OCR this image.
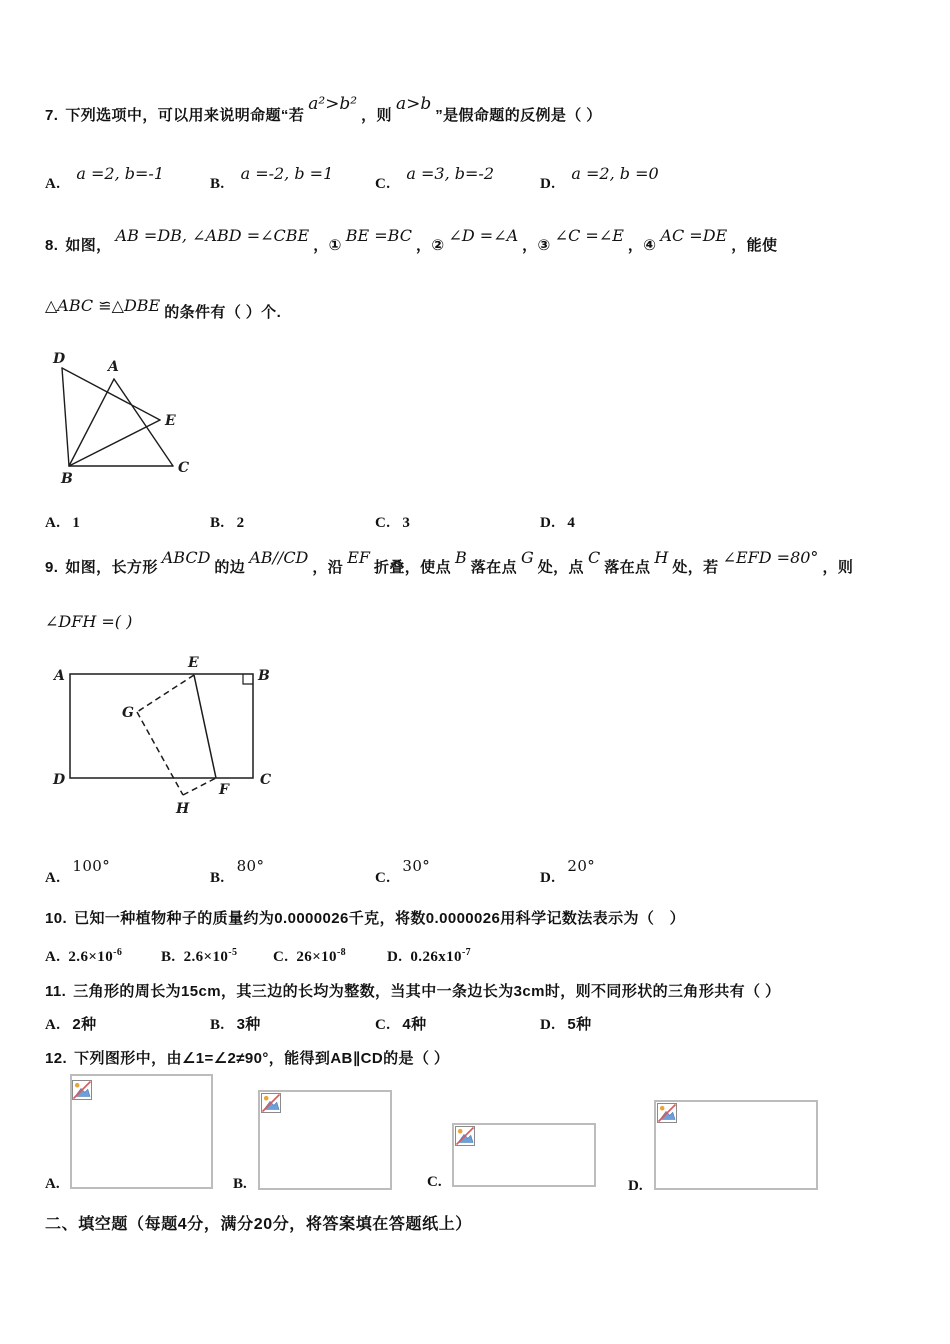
7. 下列选项中，可以用来说明命题“若a²>b²，则a>b”是假命题的反例是（ ）
A.a =2, b=-1
B.a =-2, b =1
C.a =3, b=-2
D.a =2, b =0
8. 如图，AB =DB, ∠ABD =∠CBE，①BE =BC，②∠D =∠A，③∠C =∠E，④AC =DE，能使
△ABC ≌△DBE 的条件有（ ）个.
D	A
E
B
C
A. 1	B. 2	C. 3	D. 4
9. 如图，长方形ABCD的边AB//CD，沿EF折叠，使点B落在点G处，点C落在点H处，若∠EFD =80°，则
∠DFH =( )
A	B
E
G
D	C
F
H
A.100°
B.80°
C.30°
D.20°
10. 已知一种植物种子的质量约为0.0000026千克，将数0.0000026用科学记数法表示为（　）
A. $2.6\times 10^{-6}$	B. $2.6\times 10^{-5}$ C. $26\times 10^{-8}$	D. $0.26x10^{-7}$
11. 三角形的周长为15cm，其三边的长均为整数，当其中一条边长为3cm时，则不同形状的三角形共有（ ）
A. 2种	B. 3种	C. 4种	D. 5种
12. 下列图形中，由∠1=∠2≠90°，能得到AB∥CD的是（ ）
A.	B.	C.	D.
二、填空题（每题4分，满分20分，将答案填在答题纸上）
